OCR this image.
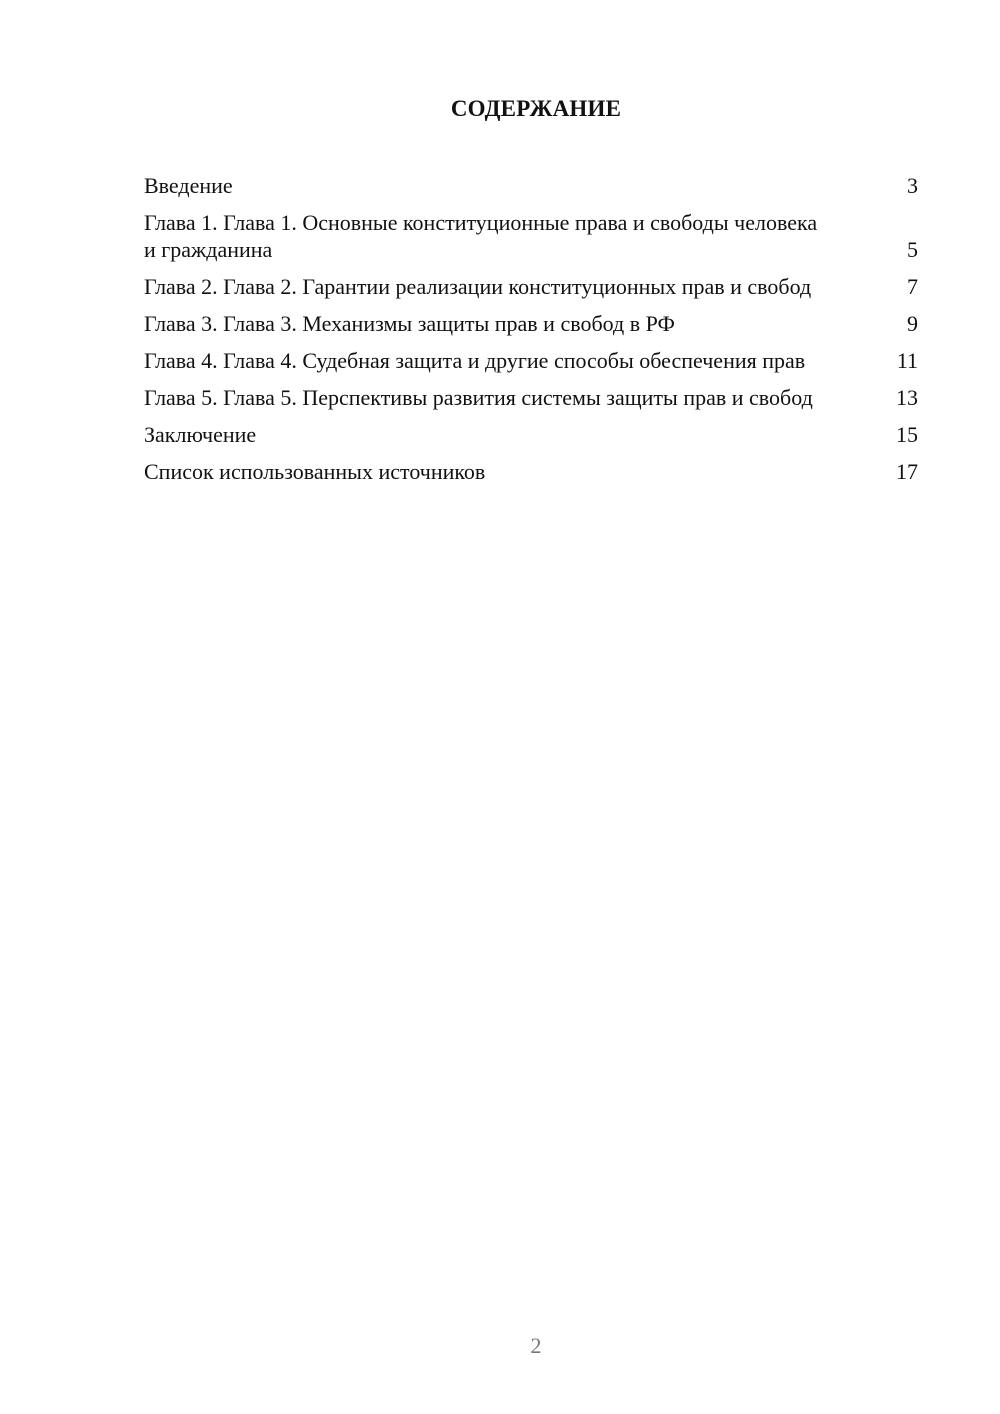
СОДЕРЖАНИЕ
Введение	3
Глава 1. Глава 1. Основные конституционные права и свободы человека и гражданина	5
Глава 2. Глава 2. Гарантии реализации конституционных прав и свобод	7
Глава 3. Глава 3. Механизмы защиты прав и свобод в РФ	9
Глава 4. Глава 4. Судебная защита и другие способы обеспечения прав	11
Глава 5. Глава 5. Перспективы развития системы защиты прав и свобод	13
Заключение	15
Список использованных источников	17
2
